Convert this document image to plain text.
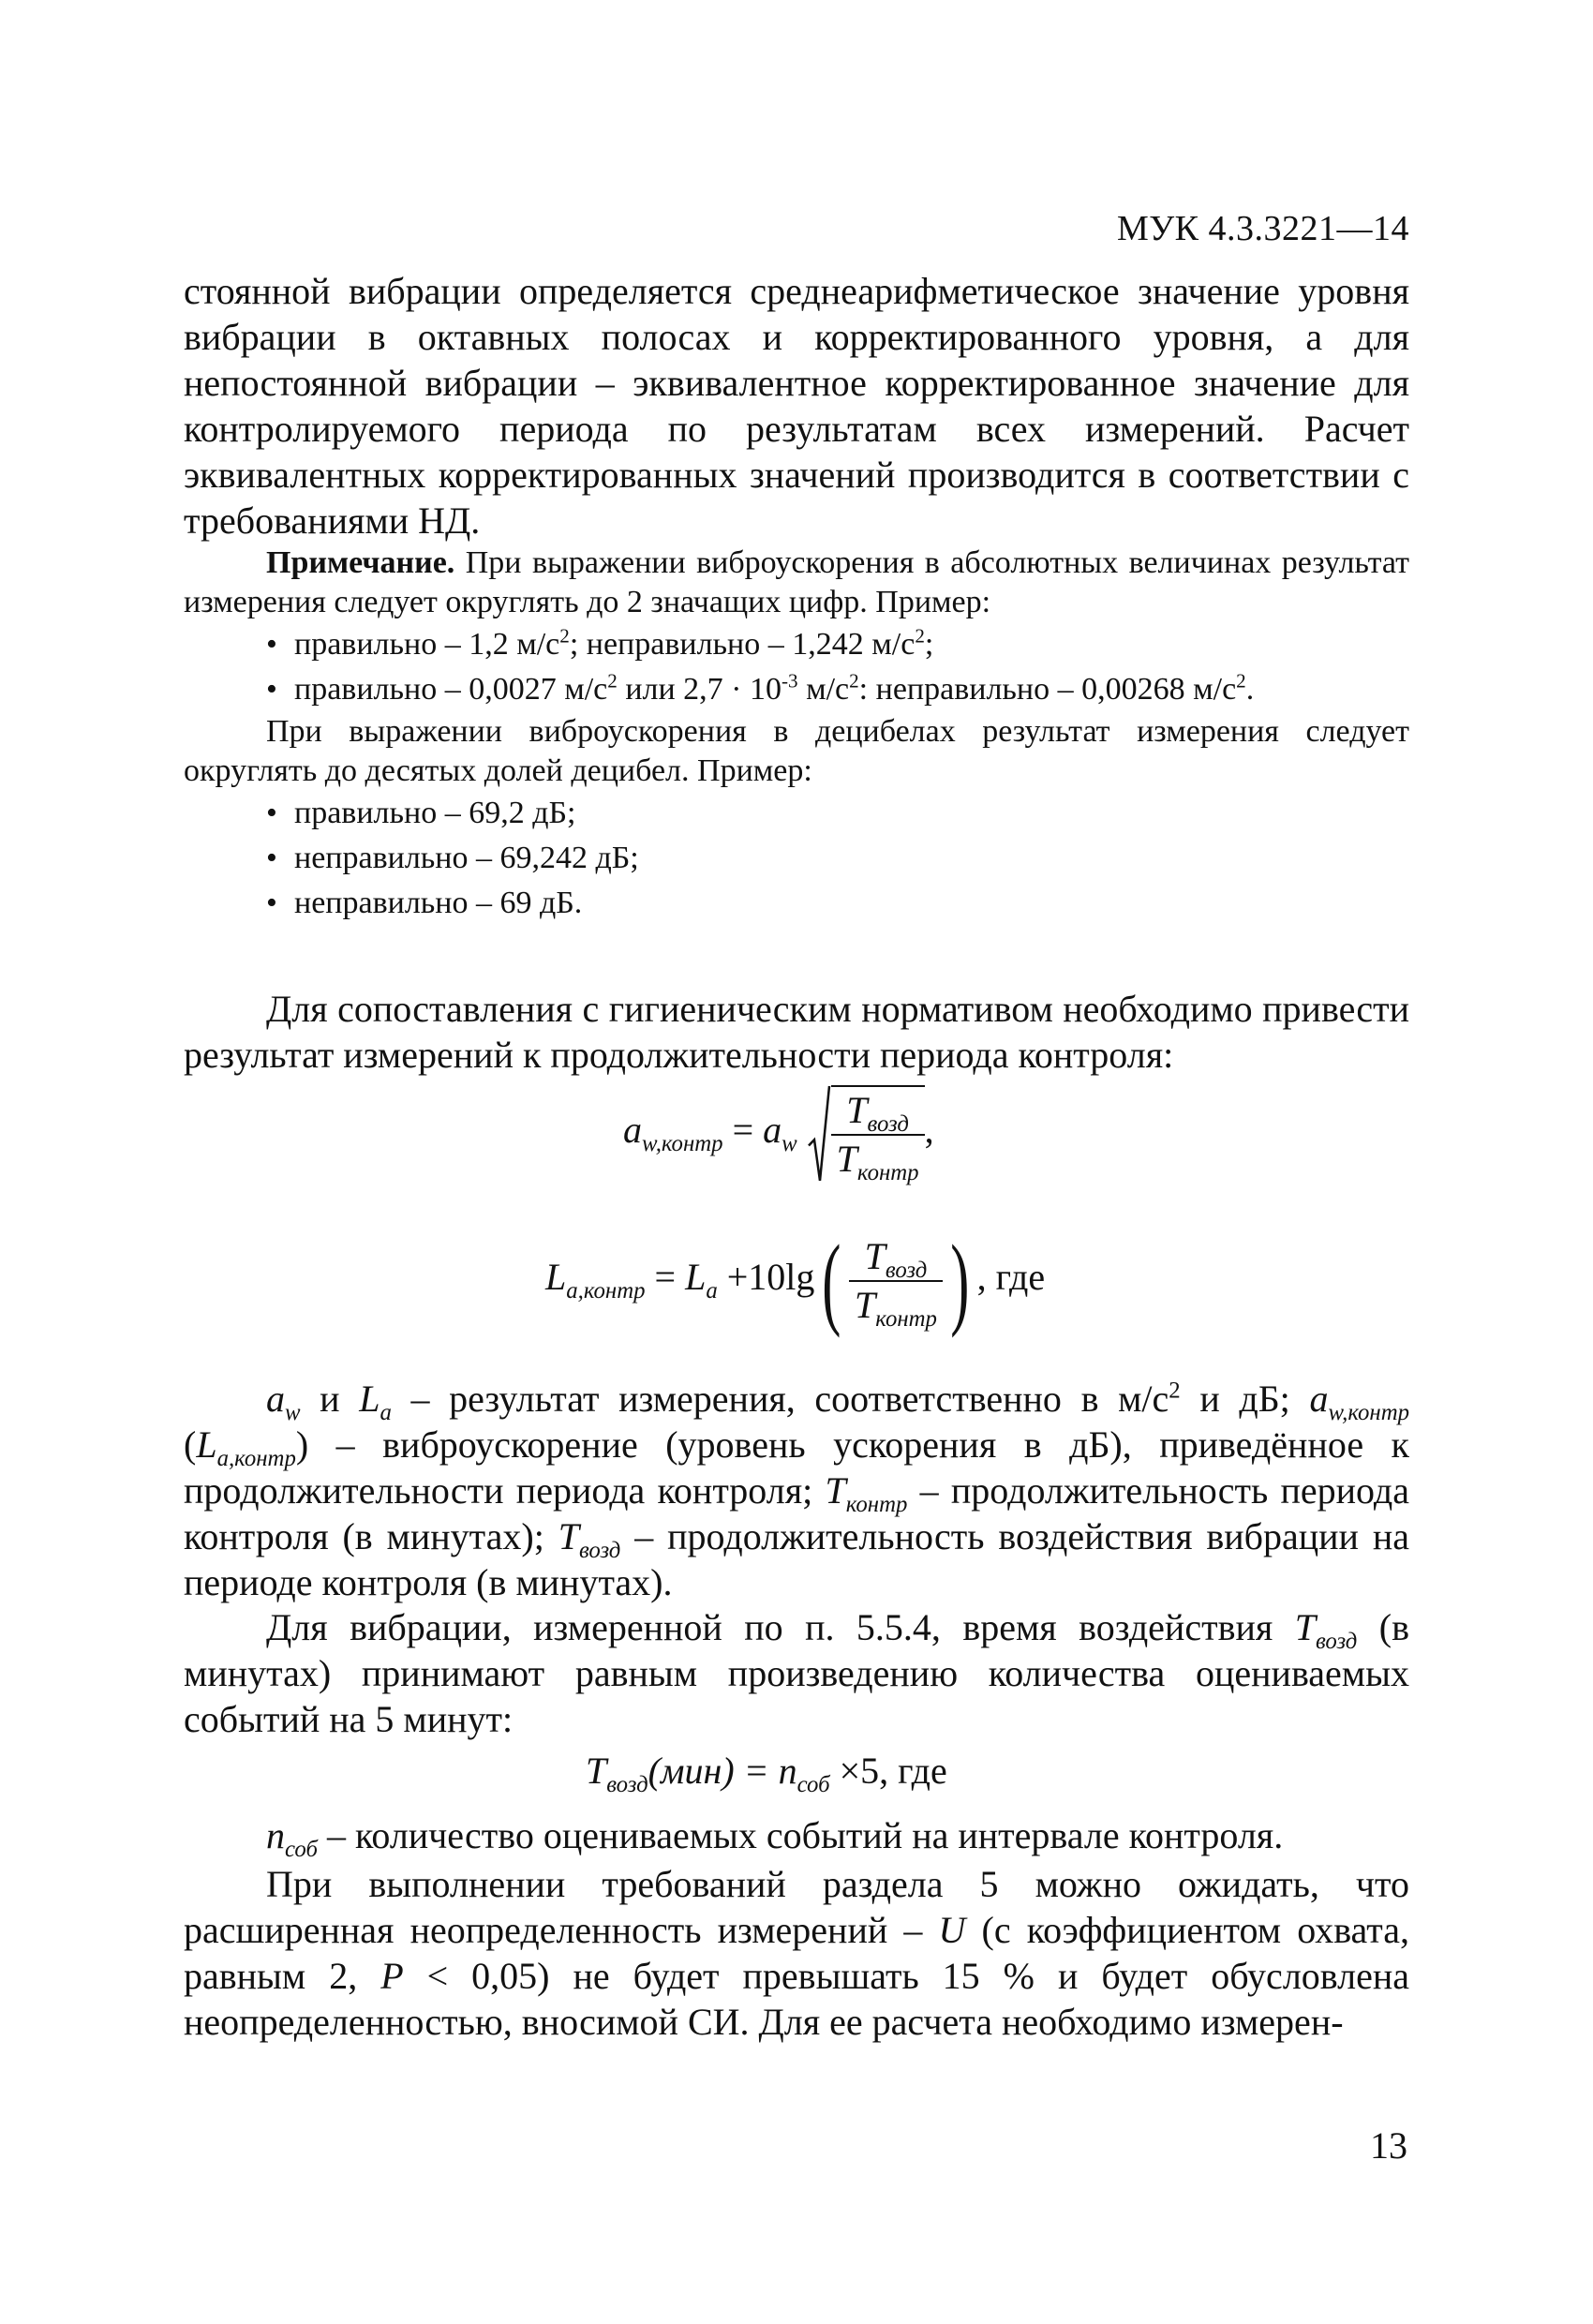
МУК 4.3.3221—14

стоянной вибрации определяется среднеарифметическое значение уровня вибрации в октавных полосах и корректированного уровня, а для непостоянной вибрации – эквивалентное корректированное значение для контролируемого периода по результатам всех измерений. Расчет эквивалентных корректированных значений производится в соответствии с требованиями НД.

Примечание. При выражении виброускорения в абсолютных величинах результат измерения следует округлять до 2 значащих цифр. Пример:

• правильно – 1,2 $м/с^2$; неправильно – 1,242 $м/с^2$;

• правильно – 0,0027 $м/с^2$ или $2,7 \cdot 10^{-3}$ $м/с^2$: неправильно – 0,00268 $м/с^2$.

При выражении виброускорения в децибелах результат измерения следует округлять до десятых долей децибел. Пример:

• правильно – 69,2 дБ;

• неправильно – 69,242 дБ;

• неправильно – 69 дБ.

Для сопоставления с гигиеническим нормативом необходимо привести результат измерений к продолжительности периода контроля:

$a_{w,контр} = a_w \frac{T_{возд}}{T_{контр}}$ ,
$L_{a,контр} = L_a +10\lg( \frac{T_{возд}}{T_{контр}}$ ) , где

$a_w$ и $L_a$ – результат измерения, соответственно в $м/с^2$ и дБ; $a_{w,контр}$ $(L_{a,контр})$ – виброускорение (уровень ускорения в дБ), приведённое к продолжительности периода контроля; $T_{контр}$ – продолжительность периода контроля (в минутах); $T_{возд}$ – продолжительность воздействия вибрации на периоде контроля (в минутах).

Для вибрации, измеренной по п. 5.5.4, время воздействия $T_{возд}$ (в минутах) принимают равным произведению количества оцениваемых событий на 5 минут:

$T_{возд}(мин) = n_{соб} \times 5$, где

$n_{соб}$ – количество оцениваемых событий на интервале контроля.

При выполнении требований раздела 5 можно ожидать, что расширенная неопределенность измерений – U (с коэффициентом охвата, равным 2, P < 0,05) не будет превышать 15 % и будет обусловлена неопределенностью, вносимой СИ. Для ее расчета необходимо измерен-

13
